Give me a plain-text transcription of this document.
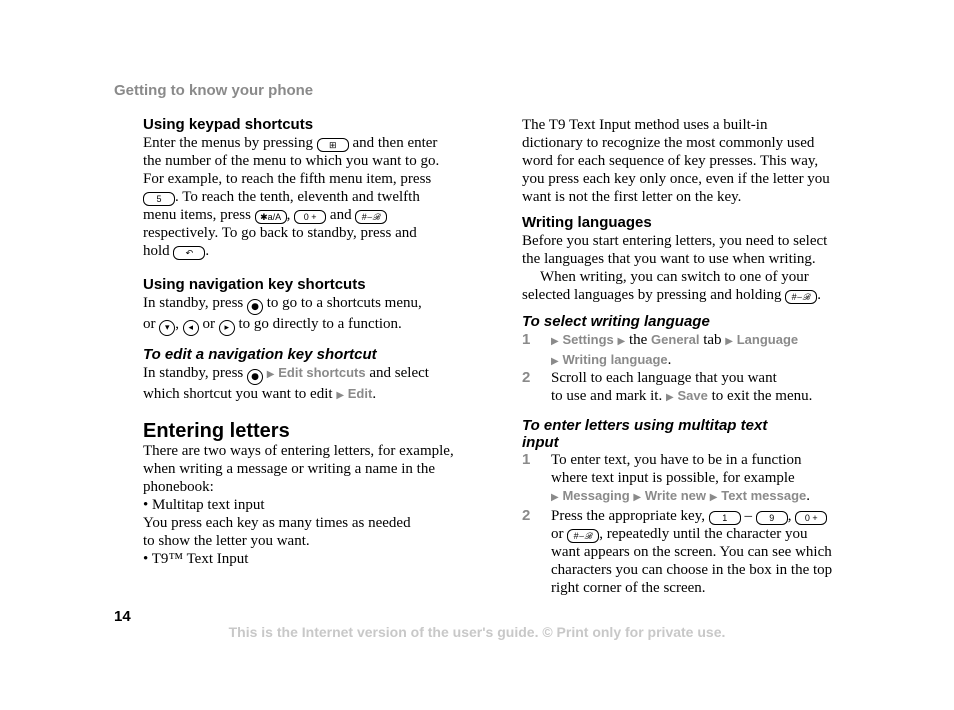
Getting to know your phone
Using keypad shortcuts
Enter the menus by pressing ⊞ and then enter
the number of the menu to which you want to go.
For example, to reach the fifth menu item, press
5 . To reach the tenth, eleventh and twelfth
menu items, press ✱a/A , 0 + and #⌣ℬ
respectively. To go back to standby, press and
hold ↶ .
Using navigation key shortcuts
In standby, press ● to go to a shortcuts menu,
or ▾ , ◂ or ▸ to go directly to a function.
To edit a navigation key shortcut
In standby, press ● ▶ Edit shortcuts and select
which shortcut you want to edit ▶ Edit.
Entering letters
There are two ways of entering letters, for example,
when writing a message or writing a name in the
phonebook:
• Multitap text input
You press each key as many times as needed
to show the letter you want.
• T9™ Text Input
The T9 Text Input method uses a built-in
dictionary to recognize the most commonly used
word for each sequence of key presses. This way,
you press each key only once, even if the letter you
want is not the first letter on the key.
Writing languages
Before you start entering letters, you need to select
the languages that you want to use when writing.
When writing, you can switch to one of your
selected languages by pressing and holding #⌣ℬ .
To select writing language
1 ▶ Settings ▶ the General tab ▶ Language
▶ Writing language.
2 Scroll to each language that you want
to use and mark it. ▶ Save to exit the menu.
To enter letters using multitap text
input
1 To enter text, you have to be in a function
where text input is possible, for example
▶ Messaging ▶ Write new ▶ Text message.
2 Press the appropriate key, 1 – 9 , 0 +
or #⌣ℬ , repeatedly until the character you
want appears on the screen. You can see which
characters you can choose in the box in the top
right corner of the screen.
14
This is the Internet version of the user's guide. © Print only for private use.
